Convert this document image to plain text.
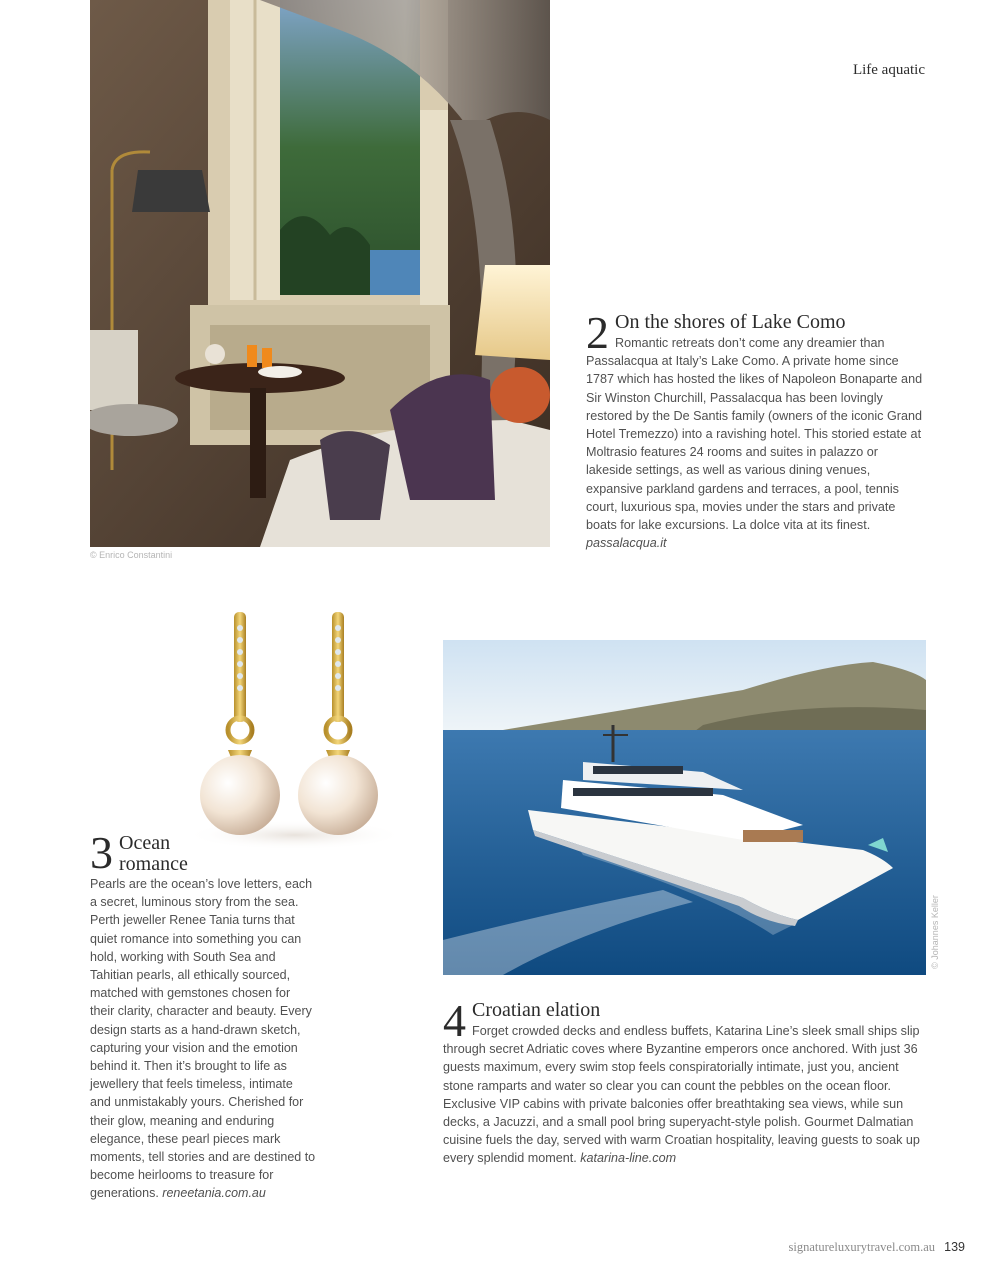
Life aquatic
© Enrico Constantini
2 On the shores of Lake Como
Romantic retreats don’t come any dreamier than Passalacqua at Italy’s Lake Como. A private home since 1787 which has hosted the likes of Napoleon Bonaparte and Sir Winston Churchill, Passalacqua has been lovingly restored by the De Santis family (owners of the iconic Grand Hotel Tremezzo) into a ravishing hotel. This storied estate at Moltrasio features 24 rooms and suites in palazzo or lakeside settings, as well as various dining venues, expansive parkland gardens and terraces, a pool, tennis court, luxurious spa, movies under the stars and private boats for lake excursions. La dolce vita at its finest. passalacqua.it
3 Ocean
romance
Pearls are the ocean’s love letters, each a secret, luminous story from the sea. Perth jeweller Renee Tania turns that quiet romance into something you can hold, working with South Sea and Tahitian pearls, all ethically sourced, matched with gemstones chosen for their clarity, character and beauty. Every design starts as a hand-drawn sketch, capturing your vision and the emotion behind it. Then it’s brought to life as jewellery that feels timeless, intimate and unmistakably yours. Cherished for their glow, meaning and enduring elegance, these pearl pieces mark moments, tell stories and are destined to become heirlooms to treasure for generations. reneetania.com.au
© Johannes Keller
4 Croatian elation
Forget crowded decks and endless buffets, Katarina Line’s sleek small ships slip through secret Adriatic coves where Byzantine emperors once anchored. With just 36 guests maximum, every swim stop feels conspiratorially intimate, just you, ancient stone ramparts and water so clear you can count the pebbles on the ocean floor. Exclusive VIP cabins with private balconies offer breathtaking sea views, while sun decks, a Jacuzzi, and a small pool bring superyacht-style polish. Gourmet Dalmatian cuisine fuels the day, served with warm Croatian hospitality, leaving guests to soak up every splendid moment. katarina-line.com
signatureluxurytravel.com.au 139
